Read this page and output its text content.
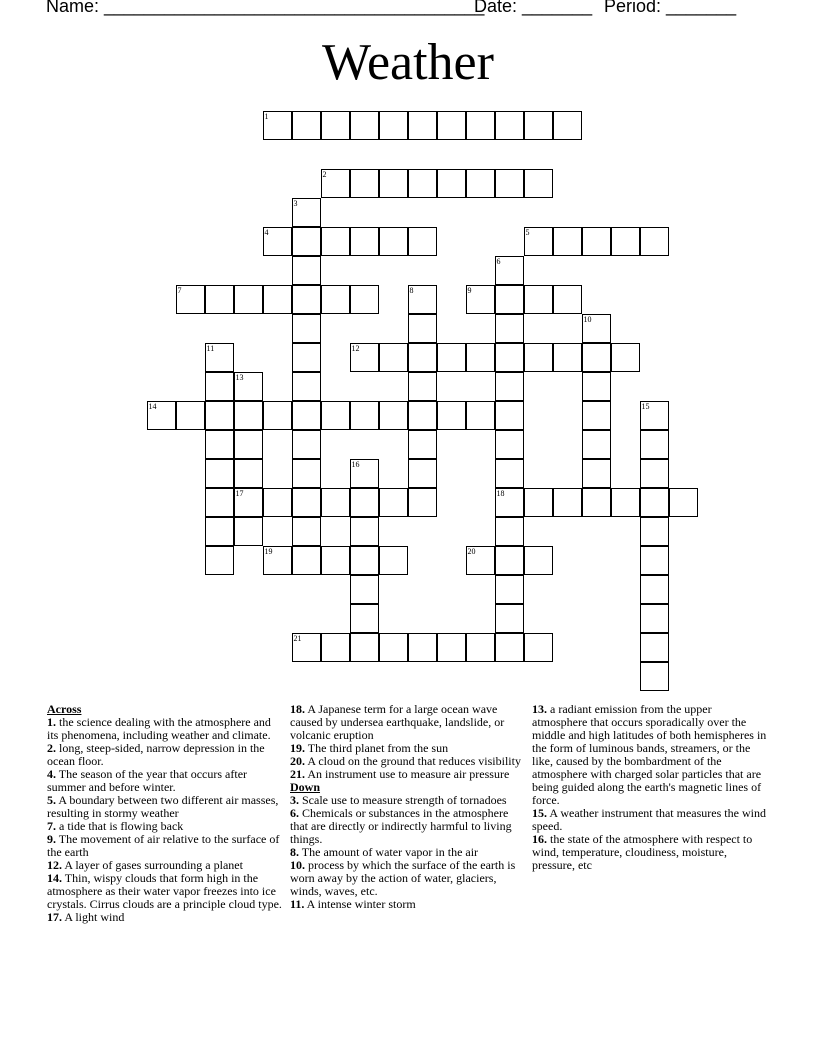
Name: ______________________________________

Date: _______

Period: _______

Weather
1
2
3
4	5
6
18
7	8	9
10
11	12
13
17
14	15
16
19	20
21
Across
1. the science dealing with the atmosphere and its phenomena, including weather and climate.
2. long, steep-sided, narrow depression in the ocean floor.
4. The season of the year that occurs after summer and before winter.
5. A boundary between two different air masses, resulting in stormy weather
7. a tide that is flowing back
9. The movement of air relative to the surface of the earth
12. A layer of gases surrounding a planet
14. Thin, wispy clouds that form high in the atmosphere as their water vapor freezes into ice crystals. Cirrus clouds are a principle cloud type.
17. A light wind
18. A Japanese term for a large ocean wave caused by undersea earthquake, landslide, or volcanic eruption
19. The third planet from the sun
20. A cloud on the ground that reduces visibility
21. An instrument use to measure air pressure
Down
3. Scale use to measure strength of tornadoes
6. Chemicals or substances in the atmosphere that are directly or indirectly harmful to living things.
8. The amount of water vapor in the air
10. process by which the surface of the earth is worn away by the action of water, glaciers, winds, waves, etc.
11. A intense winter storm
13. a radiant emission from the upper atmosphere that occurs sporadically over the middle and high latitudes of both hemispheres in the form of luminous bands, streamers, or the like, caused by the bombardment of the atmosphere with charged solar particles that are being guided along the earth's magnetic lines of force.
15. A weather instrument that measures the wind speed.
16. the state of the atmosphere with respect to wind, temperature, cloudiness, moisture, pressure, etc
